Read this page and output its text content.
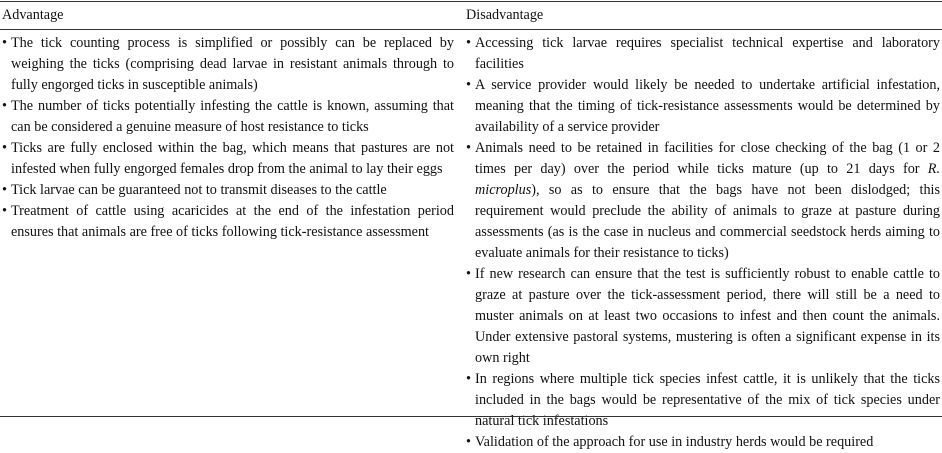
Advantage	Disadvantage
• The tick counting process is simplified or possibly can be replaced by weighing the ticks (comprising dead larvae in resistant animals through to fully engorged ticks in susceptible animals)
• The number of ticks potentially infesting the cattle is known, assuming that can be considered a genuine measure of host resistance to ticks
• Ticks are fully enclosed within the bag, which means that pastures are not infested when fully engorged females drop from the animal to lay their eggs
• Tick larvae can be guaranteed not to transmit diseases to the cattle
• Treatment of cattle using acaricides at the end of the infestation period ensures that animals are free of ticks following tick-resistance assessment
• Accessing tick larvae requires specialist technical expertise and laboratory facilities
• A service provider would likely be needed to undertake artificial infestation, meaning that the timing of tick-resistance assessments would be determined by availability of a service provider
• Animals need to be retained in facilities for close checking of the bag (1 or 2 times per day) over the period while ticks mature (up to 21 days for R. microplus), so as to ensure that the bags have not been dislodged; this requirement would preclude the ability of animals to graze at pasture during assessments (as is the case in nucleus and commercial seedstock herds aiming to evaluate animals for their resistance to ticks)
• If new research can ensure that the test is sufficiently robust to enable cattle to graze at pasture over the tick-assessment period, there will still be a need to muster animals on at least two occasions to infest and then count the animals. Under extensive pastoral systems, mustering is often a significant expense in its own right
• In regions where multiple tick species infest cattle, it is unlikely that the ticks included in the bags would be representative of the mix of tick species under natural tick infestations
• Validation of the approach for use in industry herds would be required
